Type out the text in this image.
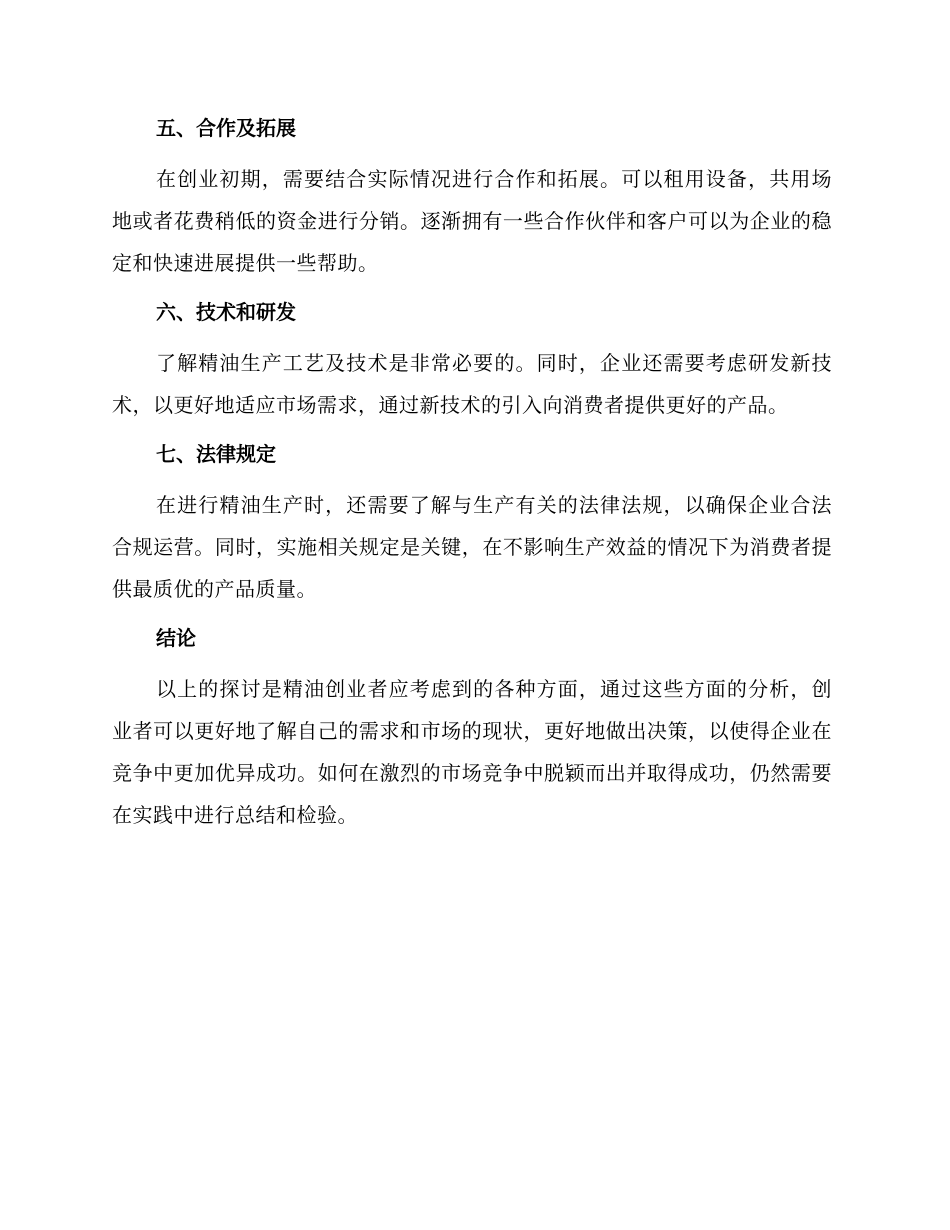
五、合作及拓展

在创业初期，需要结合实际情况进行合作和拓展。可以租用设备，共用场地或者花费稍低的资金进行分销。逐渐拥有一些合作伙伴和客户可以为企业的稳定和快速进展提供一些帮助。

六、技术和研发

了解精油生产工艺及技术是非常必要的。同时，企业还需要考虑研发新技术，以更好地适应市场需求，通过新技术的引入向消费者提供更好的产品。

七、法律规定

在进行精油生产时，还需要了解与生产有关的法律法规，以确保企业合法合规运营。同时，实施相关规定是关键，在不影响生产效益的情况下为消费者提供最质优的产品质量。

结论

以上的探讨是精油创业者应考虑到的各种方面，通过这些方面的分析，创业者可以更好地了解自己的需求和市场的现状，更好地做出决策，以使得企业在竞争中更加优异成功。如何在激烈的市场竞争中脱颖而出并取得成功，仍然需要在实践中进行总结和检验。
